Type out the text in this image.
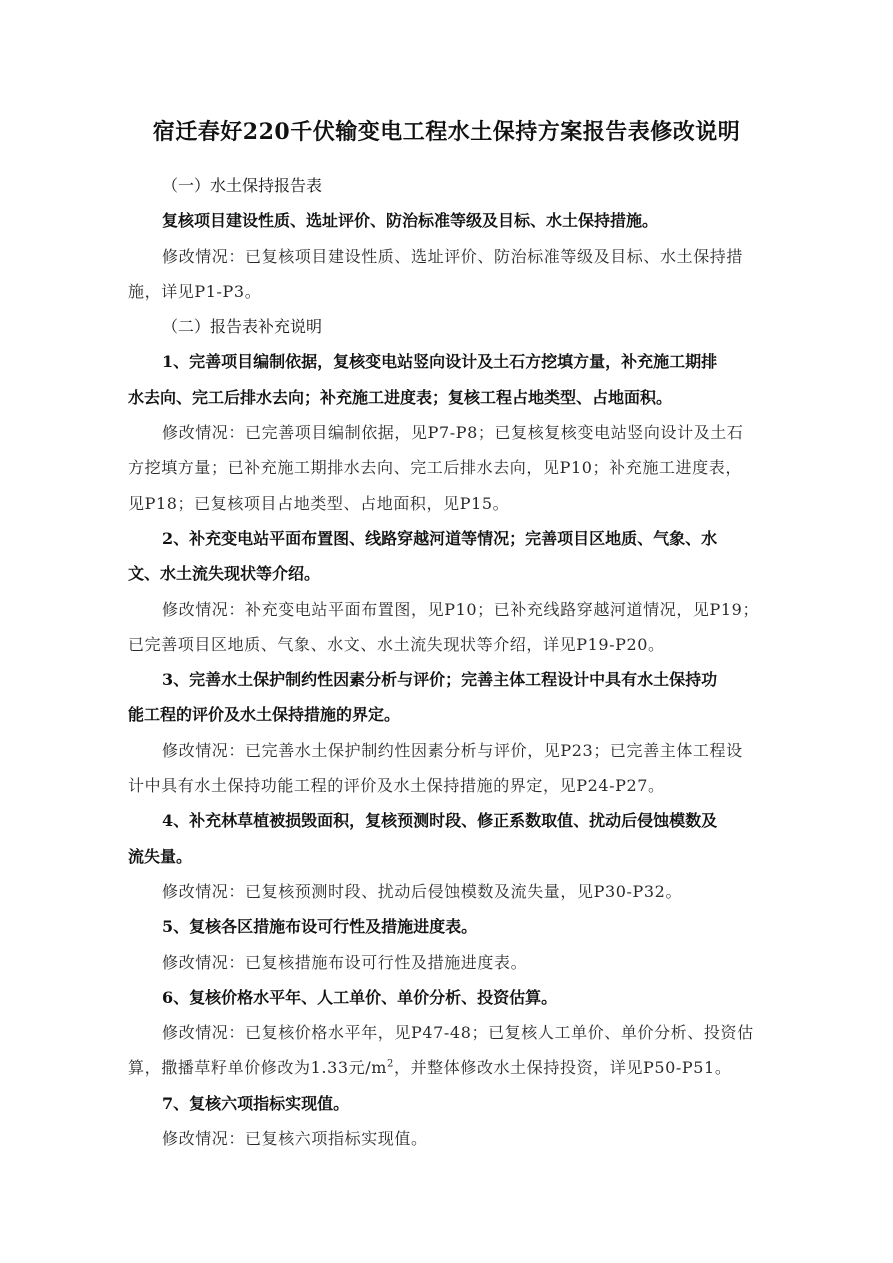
宿迁春好220千伏输变电工程水土保持方案报告表修改说明

（一）水土保持报告表

复核项目建设性质、选址评价、防治标准等级及目标、水土保持措施。

修改情况：已复核项目建设性质、选址评价、防治标准等级及目标、水土保持措
施，详见P1-P3。

（二）报告表补充说明

1、完善项目编制依据，复核变电站竖向设计及土石方挖填方量，补充施工期排
水去向、完工后排水去向；补充施工进度表；复核工程占地类型、占地面积。

修改情况：已完善项目编制依据，见P7-P8；已复核复核变电站竖向设计及土石
方挖填方量；已补充施工期排水去向、完工后排水去向，见P10；补充施工进度表，
见P18；已复核项目占地类型、占地面积，见P15。

2、补充变电站平面布置图、线路穿越河道等情况；完善项目区地质、气象、水
文、水土流失现状等介绍。

修改情况：补充变电站平面布置图，见P10；已补充线路穿越河道情况，见P19；
已完善项目区地质、气象、水文、水土流失现状等介绍，详见P19-P20。

3、完善水土保护制约性因素分析与评价；完善主体工程设计中具有水土保持功
能工程的评价及水土保持措施的界定。

修改情况：已完善水土保护制约性因素分析与评价，见P23；已完善主体工程设
计中具有水土保持功能工程的评价及水土保持措施的界定，见P24-P27。

4、补充林草植被损毁面积，复核预测时段、修正系数取值、扰动后侵蚀模数及
流失量。

修改情况：已复核预测时段、扰动后侵蚀模数及流失量，见P30-P32。

5、复核各区措施布设可行性及措施进度表。

修改情况：已复核措施布设可行性及措施进度表。

6、复核价格水平年、人工单价、单价分析、投资估算。

修改情况：已复核价格水平年，见P47-48；已复核人工单价、单价分析、投资估
算，撒播草籽单价修改为1.33元$/m^2$，并整体修改水土保持投资，详见P50-P51。

7、复核六项指标实现值。

修改情况：已复核六项指标实现值。
